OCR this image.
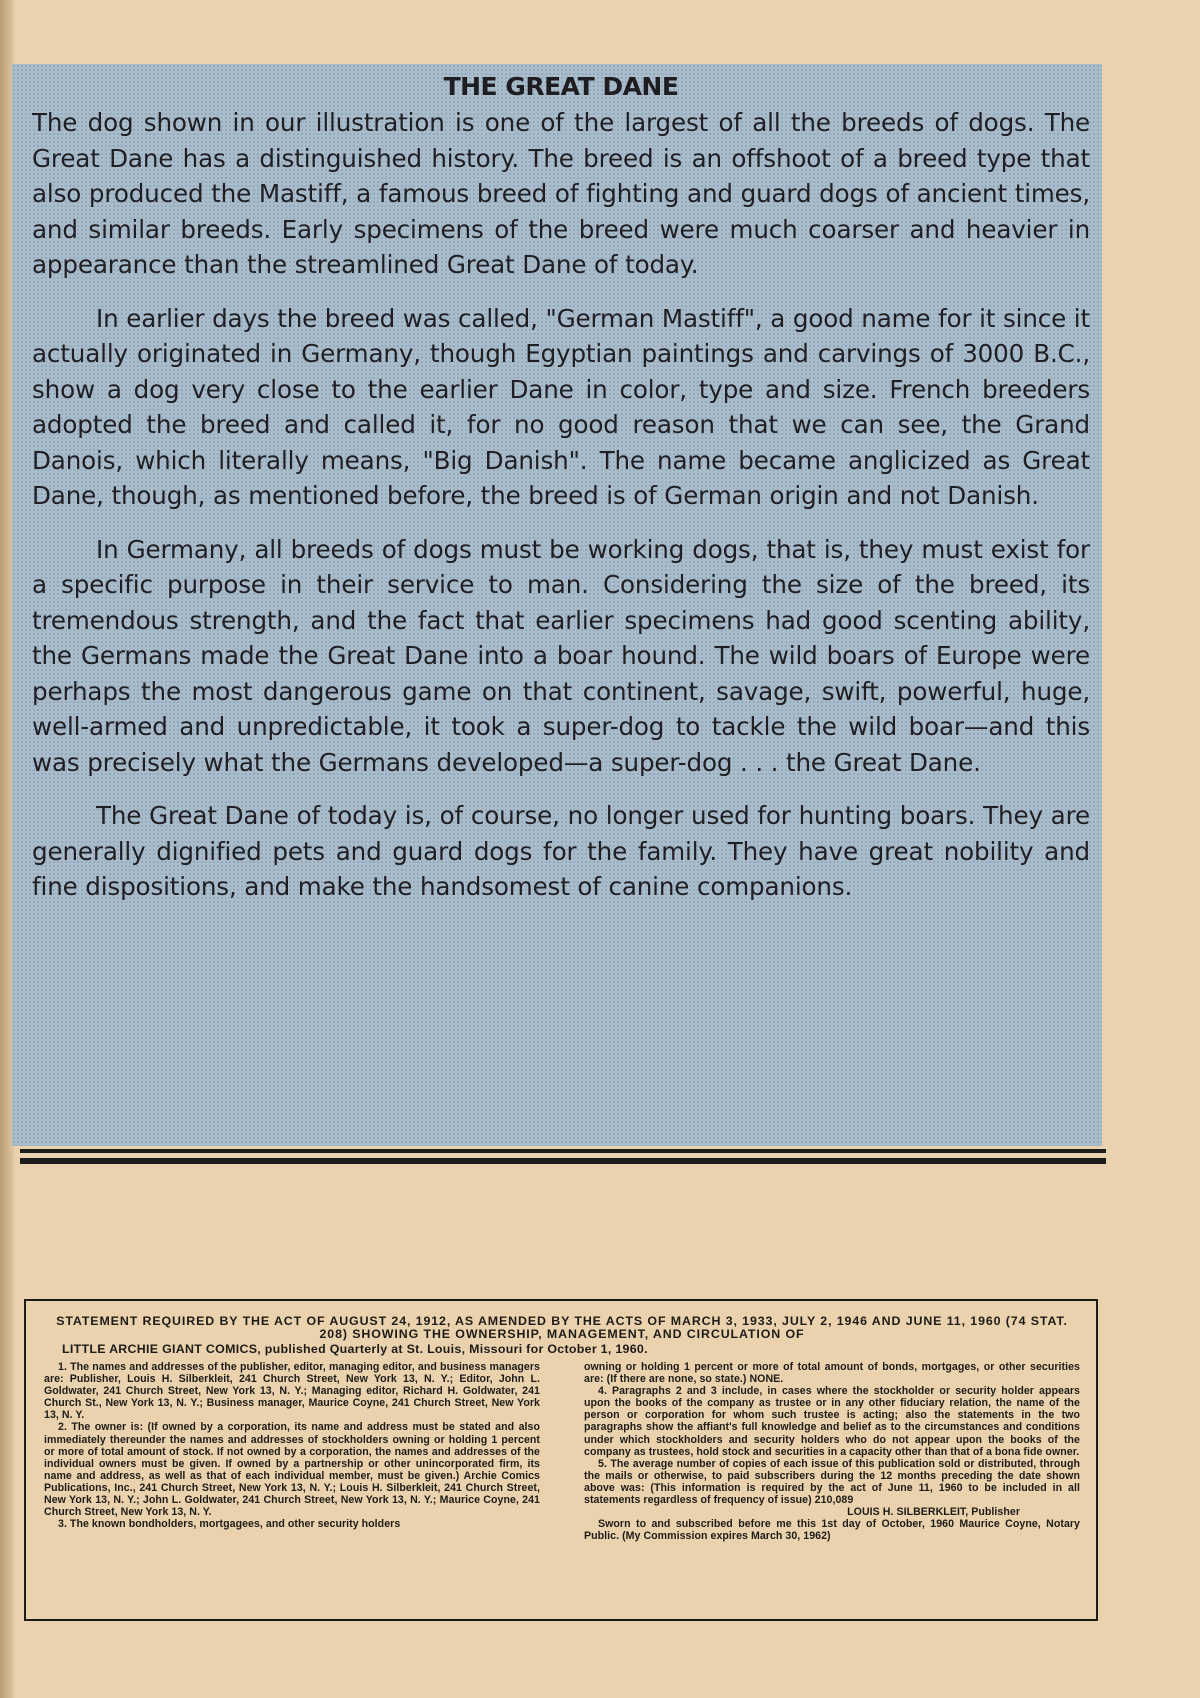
THE GREAT DANE

The dog shown in our illustration is one of the largest of all the breeds of dogs. The Great Dane has a distinguished history. The breed is an offshoot of a breed type that also produced the Mastiff, a famous breed of fighting and guard dogs of ancient times, and similar breeds. Early specimens of the breed were much coarser and heavier in appearance than the streamlined Great Dane of today.

In earlier days the breed was called, "German Mastiff", a good name for it since it actually originated in Germany, though Egyptian paintings and carvings of 3000 B.C., show a dog very close to the earlier Dane in color, type and size. French breeders adopted the breed and called it, for no good reason that we can see, the Grand Danois, which literally means, "Big Danish". The name became anglicized as Great Dane, though, as mentioned before, the breed is of German origin and not Danish.

In Germany, all breeds of dogs must be working dogs, that is, they must exist for a specific purpose in their service to man. Considering the size of the breed, its tremendous strength, and the fact that earlier specimens had good scenting ability, the Germans made the Great Dane into a boar hound. The wild boars of Europe were perhaps the most dangerous game on that continent, savage, swift, powerful, huge, well-armed and unpredictable, it took a super-dog to tackle the wild boar—and this was precisely what the Germans developed—a super-dog . . . the Great Dane.

The Great Dane of today is, of course, no longer used for hunting boars. They are generally dignified pets and guard dogs for the family. They have great nobility and fine dispositions, and make the handsomest of canine companions.

STATEMENT REQUIRED BY THE ACT OF AUGUST 24, 1912, AS AMENDED BY THE ACTS OF MARCH 3, 1933, JULY 2, 1946 AND JUNE 11, 1960 (74 STAT. 208) SHOWING THE OWNERSHIP, MANAGEMENT, AND CIRCULATION OF
LITTLE ARCHIE GIANT COMICS, published Quarterly at St. Louis, Missouri for October 1, 1960.

1. The names and addresses of the publisher, editor, managing editor, and business managers are: Publisher, Louis H. Silberkleit, 241 Church Street, New York 13, N. Y.; Editor, John L. Goldwater, 241 Church Street, New York 13, N. Y.; Managing editor, Richard H. Goldwater, 241 Church St., New York 13, N. Y.; Business manager, Maurice Coyne, 241 Church Street, New York 13, N. Y.

2. The owner is: (If owned by a corporation, its name and address must be stated and also immediately thereunder the names and addresses of stockholders owning or holding 1 percent or more of total amount of stock. If not owned by a corporation, the names and addresses of the individual owners must be given. If owned by a partnership or other unincorporated firm, its name and address, as well as that of each individual member, must be given.) Archie Comics Publications, Inc., 241 Church Street, New York 13, N. Y.; Louis H. Silberkleit, 241 Church Street, New York 13, N. Y.; John L. Goldwater, 241 Church Street, New York 13, N. Y.; Maurice Coyne, 241 Church Street, New York 13, N. Y.

3. The known bondholders, mortgagees, and other security holders

owning or holding 1 percent or more of total amount of bonds, mortgages, or other securities are: (If there are none, so state.) NONE.

4. Paragraphs 2 and 3 include, in cases where the stockholder or security holder appears upon the books of the company as trustee or in any other fiduciary relation, the name of the person or corporation for whom such trustee is acting; also the statements in the two paragraphs show the affiant's full knowledge and belief as to the circumstances and conditions under which stockholders and security holders who do not appear upon the books of the company as trustees, hold stock and securities in a capacity other than that of a bona fide owner.

5. The average number of copies of each issue of this publication sold or distributed, through the mails or otherwise, to paid subscribers during the 12 months preceding the date shown above was: (This information is required by the act of June 11, 1960 to be included in all statements regardless of frequency of issue) 210,089

LOUIS H. SILBERKLEIT, Publisher

Sworn to and subscribed before me this 1st day of October, 1960 Maurice Coyne, Notary Public. (My Commission expires March 30, 1962)
